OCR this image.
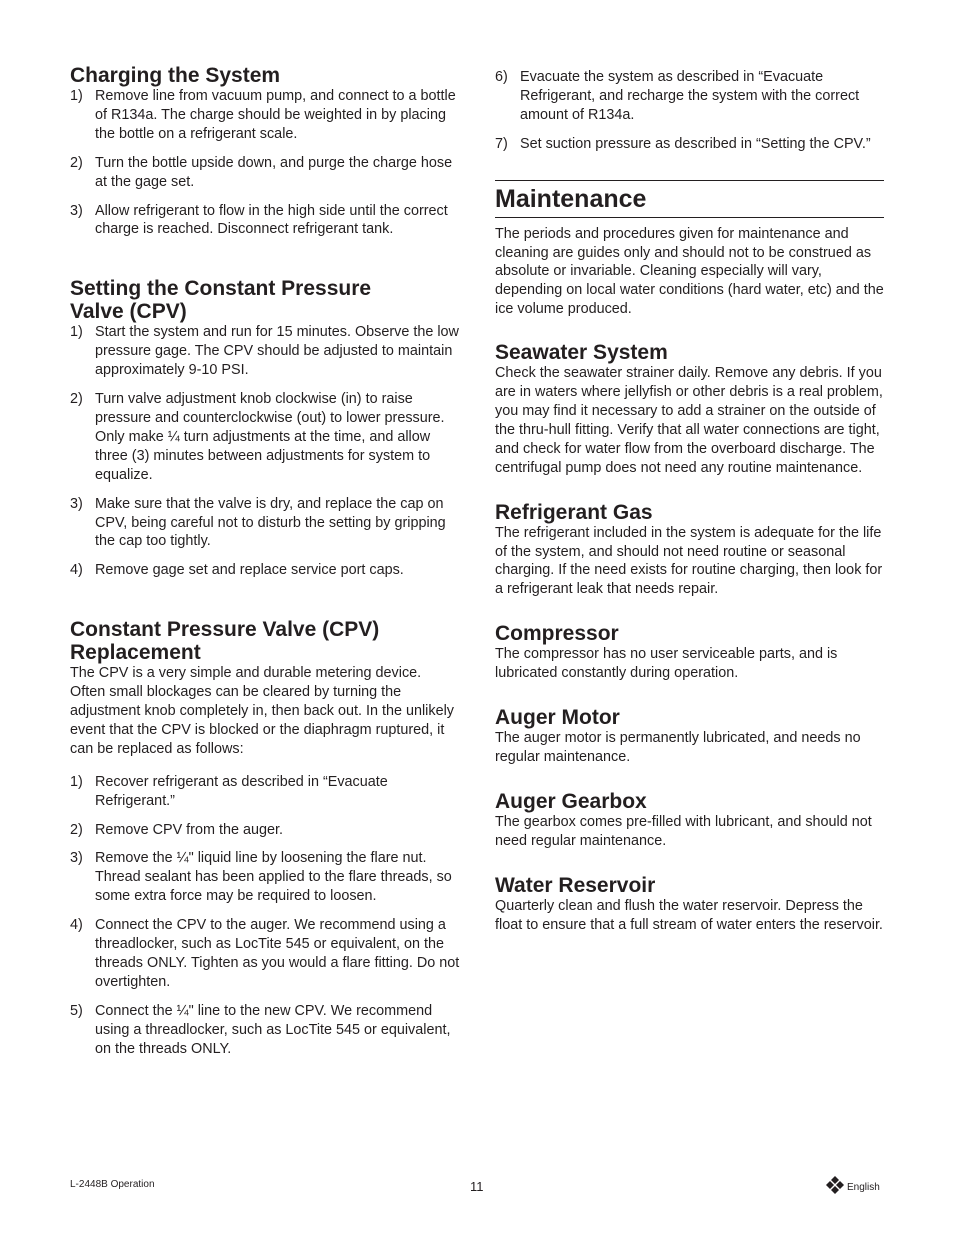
Charging the System
1) Remove line from vacuum pump, and connect to a bottle of R134a. The charge should be weighted in by placing the bottle on a refrigerant scale.
2) Turn the bottle upside down, and purge the charge hose at the gage set.
3) Allow refrigerant to flow in the high side until the correct charge is reached. Disconnect refrigerant tank.
Setting the Constant Pressure Valve (CPV)
1) Start the system and run for 15 minutes. Observe the low pressure gage. The CPV should be adjusted to maintain approximately 9-10 PSI.
2) Turn valve adjustment knob clockwise (in) to raise pressure and counterclockwise (out) to lower pressure. Only make ¼ turn adjustments at the time, and allow three (3) minutes between adjustments for system to equalize.
3) Make sure that the valve is dry, and replace the cap on CPV, being careful not to disturb the setting by gripping the cap too tightly.
4) Remove gage set and replace service port caps.
Constant Pressure Valve (CPV) Replacement

The CPV is a very simple and durable metering device. Often small blockages can be cleared by turning the adjustment knob completely in, then back out. In the unlikely event that the CPV is blocked or the diaphragm ruptured, it can be replaced as follows:

1) Recover refrigerant as described in “Evacuate Refrigerant.”
2) Remove CPV from the auger.
3) Remove the ¼" liquid line by loosening the flare nut. Thread sealant has been applied to the flare threads, so some extra force may be required to loosen.
4) Connect the CPV to the auger. We recommend using a threadlocker, such as LocTite 545 or equivalent, on the threads ONLY. Tighten as you would a flare fitting. Do not overtighten.
5) Connect the ¼" line to the new CPV. We recommend using a threadlocker, such as LocTite 545 or equivalent, on the threads ONLY.
6) Evacuate the system as described in “Evacuate Refrigerant, and recharge the system with the correct amount of R134a.
7) Set suction pressure as described in “Setting the CPV.”
Maintenance

The periods and procedures given for maintenance and cleaning are guides only and should not to be construed as absolute or invariable. Cleaning especially will vary, depending on local water conditions (hard water, etc) and the ice volume produced.

Seawater System

Check the seawater strainer daily. Remove any debris. If you are in waters where jellyfish or other debris is a real problem, you may find it necessary to add a strainer on the outside of the thru-hull fitting. Verify that all water connections are tight, and check for water flow from the overboard discharge. The centrifugal pump does not need any routine maintenance.

Refrigerant Gas

The refrigerant included in the system is adequate for the life of the system, and should not need routine or seasonal charging. If the need exists for routine charging, then look for a refrigerant leak that needs repair.

Compressor

The compressor has no user serviceable parts, and is lubricated constantly during operation.

Auger Motor

The auger motor is permanently lubricated, and needs no regular maintenance.

Auger Gearbox

The gearbox comes pre-filled with lubricant, and should not need regular maintenance.

Water Reservoir

Quarterly clean and flush the water reservoir. Depress the float to ensure that a full stream of water enters the reservoir.

L-2448B Operation	11	English
